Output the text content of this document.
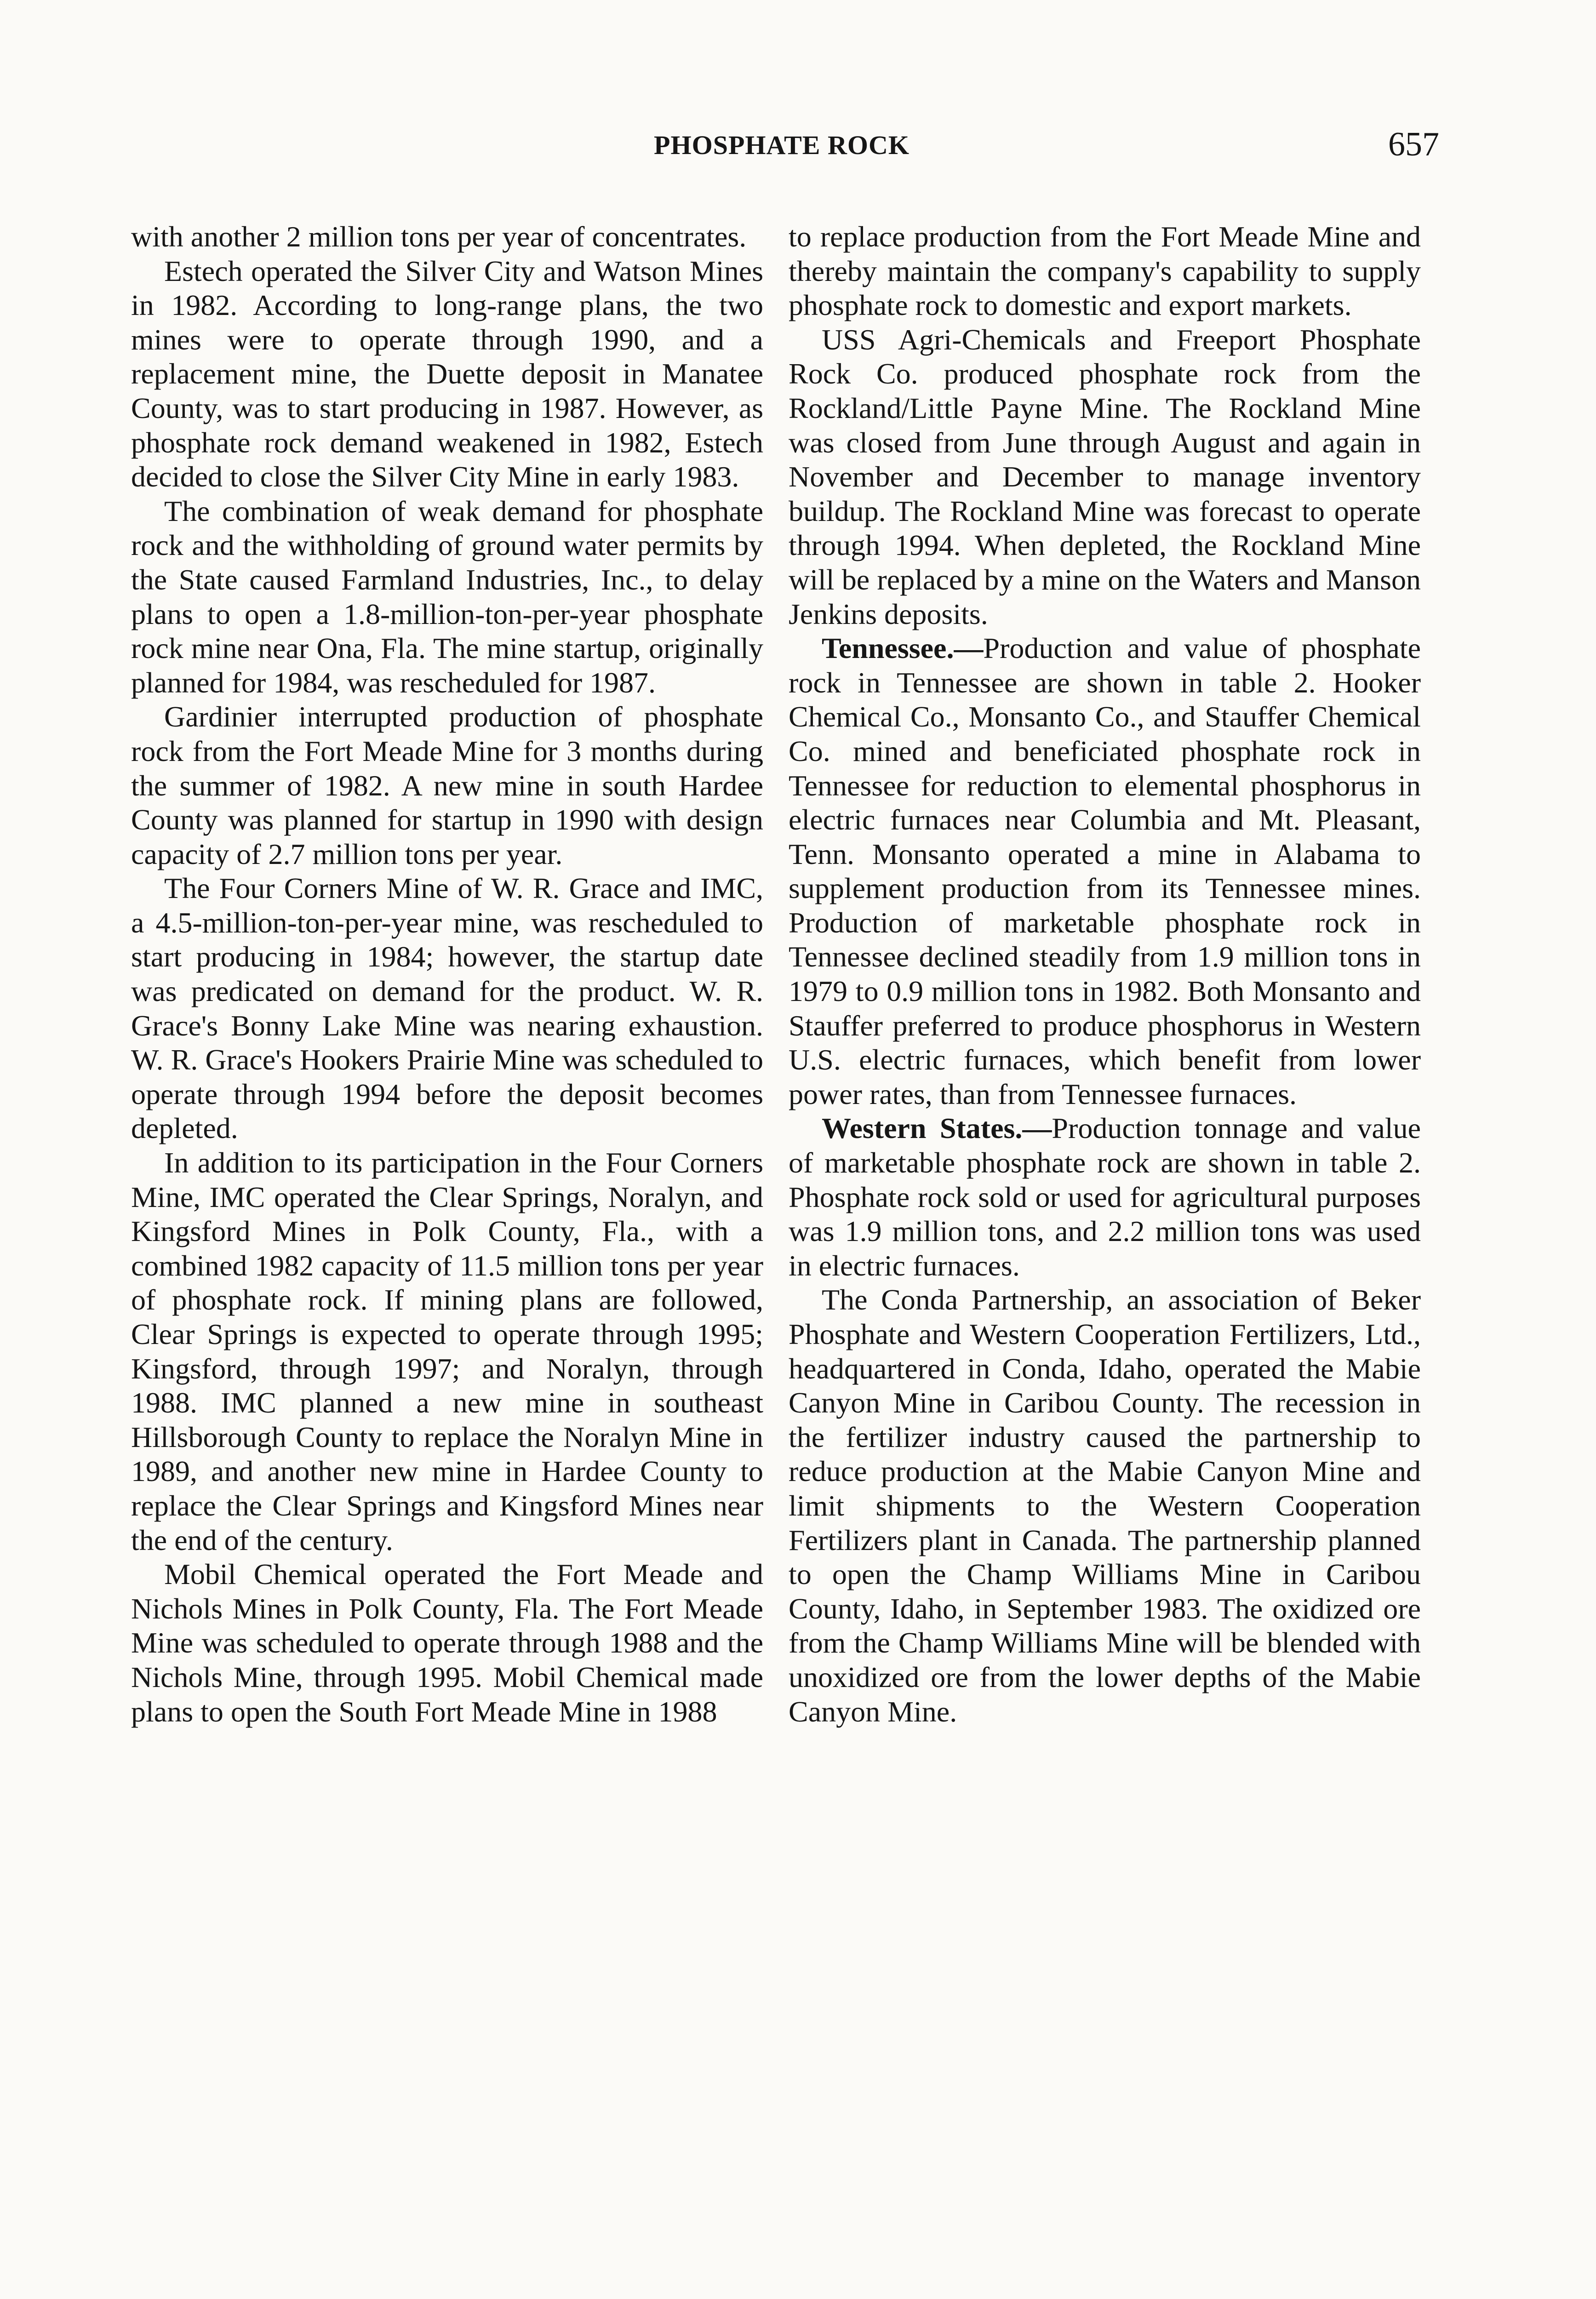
PHOSPHATE ROCK	657

with another 2 million tons per year of concentrates.

Estech operated the Silver City and Watson Mines in 1982. According to long-range plans, the two mines were to operate through 1990, and a replacement mine, the Duette deposit in Manatee County, was to start producing in 1987. However, as phosphate rock demand weakened in 1982, Estech decided to close the Silver City Mine in early 1983.

The combination of weak demand for phosphate rock and the withholding of ground water permits by the State caused Farmland Industries, Inc., to delay plans to open a 1.8-million-ton-per-year phosphate rock mine near Ona, Fla. The mine startup, originally planned for 1984, was rescheduled for 1987.

Gardinier interrupted production of phosphate rock from the Fort Meade Mine for 3 months during the summer of 1982. A new mine in south Hardee County was planned for startup in 1990 with design capacity of 2.7 million tons per year.

The Four Corners Mine of W. R. Grace and IMC, a 4.5-million-ton-per-year mine, was rescheduled to start producing in 1984; however, the startup date was predicated on demand for the product. W. R. Grace's Bonny Lake Mine was nearing exhaustion. W. R. Grace's Hookers Prairie Mine was scheduled to operate through 1994 before the deposit becomes depleted.

In addition to its participation in the Four Corners Mine, IMC operated the Clear Springs, Noralyn, and Kingsford Mines in Polk County, Fla., with a combined 1982 capacity of 11.5 million tons per year of phosphate rock. If mining plans are followed, Clear Springs is expected to operate through 1995; Kingsford, through 1997; and Noralyn, through 1988. IMC planned a new mine in southeast Hillsborough County to replace the Noralyn Mine in 1989, and another new mine in Hardee County to replace the Clear Springs and Kingsford Mines near the end of the century.

Mobil Chemical operated the Fort Meade and Nichols Mines in Polk County, Fla. The Fort Meade Mine was scheduled to operate through 1988 and the Nichols Mine, through 1995. Mobil Chemical made plans to open the South Fort Meade Mine in 1988

to replace production from the Fort Meade Mine and thereby maintain the company's capability to supply phosphate rock to domestic and export markets.

USS Agri-Chemicals and Freeport Phosphate Rock Co. produced phosphate rock from the Rockland/Little Payne Mine. The Rockland Mine was closed from June through August and again in November and December to manage inventory buildup. The Rockland Mine was forecast to operate through 1994. When depleted, the Rockland Mine will be replaced by a mine on the Waters and Manson Jenkins deposits.

Tennessee.—Production and value of phosphate rock in Tennessee are shown in table 2. Hooker Chemical Co., Monsanto Co., and Stauffer Chemical Co. mined and beneficiated phosphate rock in Tennessee for reduction to elemental phosphorus in electric furnaces near Columbia and Mt. Pleasant, Tenn. Monsanto operated a mine in Alabama to supplement production from its Tennessee mines. Production of marketable phosphate rock in Tennessee declined steadily from 1.9 million tons in 1979 to 0.9 million tons in 1982. Both Monsanto and Stauffer preferred to produce phosphorus in Western U.S. electric furnaces, which benefit from lower power rates, than from Tennessee furnaces.

Western States.—Production tonnage and value of marketable phosphate rock are shown in table 2. Phosphate rock sold or used for agricultural purposes was 1.9 million tons, and 2.2 million tons was used in electric furnaces.

The Conda Partnership, an association of Beker Phosphate and Western Cooperation Fertilizers, Ltd., headquartered in Conda, Idaho, operated the Mabie Canyon Mine in Caribou County. The recession in the fertilizer industry caused the partnership to reduce production at the Mabie Canyon Mine and limit shipments to the Western Cooperation Fertilizers plant in Canada. The partnership planned to open the Champ Williams Mine in Caribou County, Idaho, in September 1983. The oxidized ore from the Champ Williams Mine will be blended with unoxidized ore from the lower depths of the Mabie Canyon Mine.
